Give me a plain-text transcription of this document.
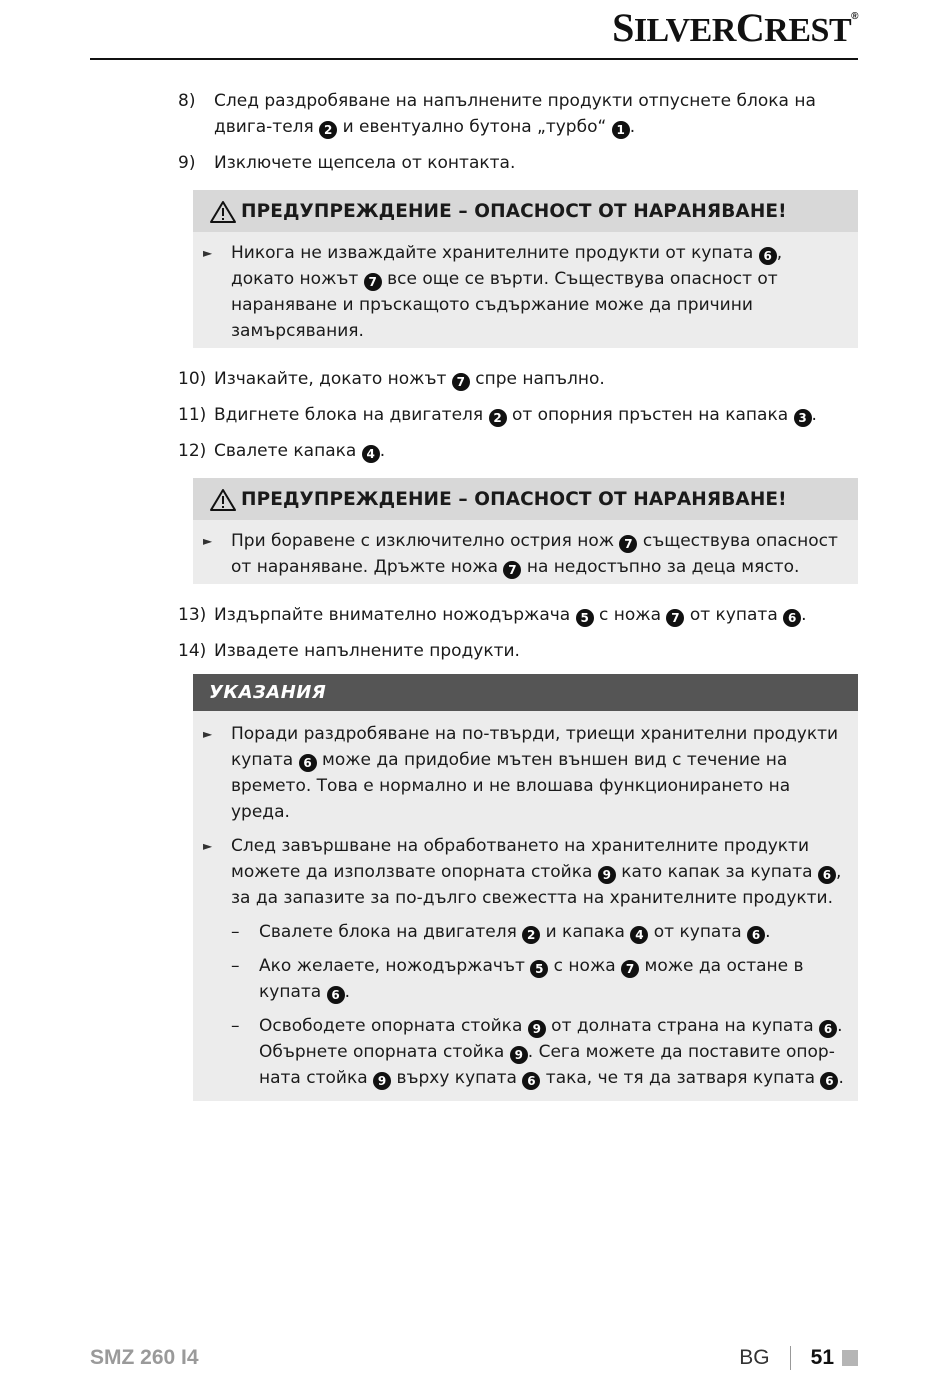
SILVERCREST®
8)	След раздробяване на напълнените продукти отпуснете блока на двига-теля 2 и евентуално бутона „турбо“ 1 .
9)	Изключете щепсела от контакта.
ПРЕДУПРЕЖДЕНИЕ – ОПАСНОСТ ОТ НАРАНЯВАНЕ!
►	Никога не изваждайте хранителните продукти от купата 6 , докато ножът 7 все още се върти. Съществува опасност от нараняване и пръскащото съдържание може да причини замърсявания.
10) Изчакайте, докато ножът 7 спре напълно.
11) Вдигнете блока на двигателя 2 от опорния пръстен на капака 3 .
12) Свалете капака 4 .
ПРЕДУПРЕЖДЕНИЕ – ОПАСНОСТ ОТ НАРАНЯВАНЕ!
►	При боравене с изключително острия нож 7 съществува опасност от нараняване. Дръжте ножа 7 на недостъпно за деца място.
13) Издърпайте внимателно ножодържача 5 с ножа 7 от купата 6 .
14) Извадете напълнените продукти.
УКАЗАНИЯ
►	Поради раздробяване на по-твърди, триещи хранителни продукти купата 6 може да придобие мътен външен вид с течение на времето. Това е нормално и не влошава функционирането на уреда.
►	След завършване на обработването на хранителните продукти можете да използвате опорната стойка 9 като капак за купата 6 , за да запазите за по-дълго свежестта на хранителните продукти.
–	Свалете блока на двигателя 2 и капака 4 от купата 6 .
–	Ако желаете, ножодържачът 5 с ножа 7 може да остане в купата 6 .
–	Освободете опорната стойка 9 от долната страна на купата 6 . Обърнете опорната стойка 9 . Сега можете да поставите опор-ната стойка 9 върху купата 6 така, че тя да затваря купата 6 .
SMZ 260 I4	BG 51
